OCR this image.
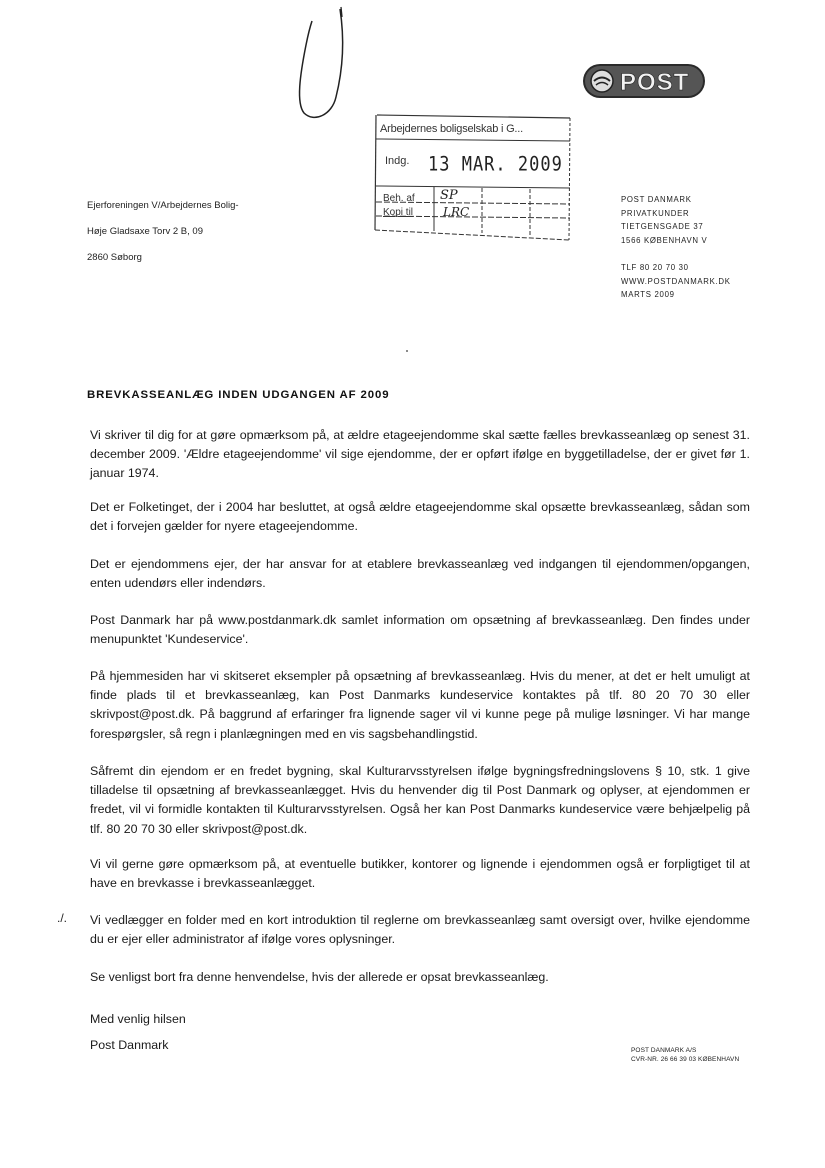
POST
Arbejdernes boligselskab i G...
Indg. 13 MAR. 2009
Beh. af
Kopi til
SP
LRC
Ejerforeningen V/Arbejdernes Bolig-
Høje Gladsaxe Torv 2 B, 09
2860 Søborg
POST DANMARK
PRIVATKUNDER
TIETGENSGADE 37
1566 KØBENHAVN V
TLF 80 20 70 30
WWW.POSTDANMARK.DK
MARTS 2009
BREVKASSEANLÆG INDEN UDGANGEN AF 2009
Vi skriver til dig for at gøre opmærksom på, at ældre etageejendomme skal sætte fælles brevkasseanlæg op senest 31. december 2009. 'Ældre etageejendomme' vil sige ejendomme, der er opført ifølge en byggetilladelse, der er givet før 1. januar 1974.
Det er Folketinget, der i 2004 har besluttet, at også ældre etageejendomme skal opsætte brevkasseanlæg, sådan som det i forvejen gælder for nyere etageejendomme.
Det er ejendommens ejer, der har ansvar for at etablere brevkasseanlæg ved indgangen til ejendommen/opgangen, enten udendørs eller indendørs.
Post Danmark har på www.postdanmark.dk samlet information om opsætning af brevkasseanlæg. Den findes under menupunktet 'Kundeservice'.
På hjemmesiden har vi skitseret eksempler på opsætning af brevkasseanlæg. Hvis du mener, at det er helt umuligt at finde plads til et brevkasseanlæg, kan Post Danmarks kundeservice kontaktes på tlf. 80 20 70 30 eller skrivpost@post.dk. På baggrund af erfaringer fra lignende sager vil vi kunne pege på mulige løsninger. Vi har mange forespørgsler, så regn i planlægningen med en vis sagsbehandlingstid.
Såfremt din ejendom er en fredet bygning, skal Kulturarvsstyrelsen ifølge bygningsfredningslovens § 10, stk. 1 give tilladelse til opsætning af brevkasseanlægget. Hvis du henvender dig til Post Danmark og oplyser, at ejendommen er fredet, vil vi formidle kontakten til Kulturarvsstyrelsen. Også her kan Post Danmarks kundeservice være behjælpelig på tlf. 80 20 70 30 eller skrivpost@post.dk.
Vi vil gerne gøre opmærksom på, at eventuelle butikker, kontorer og lignende i ejendommen også er forpligtiget til at have en brevkasse i brevkasseanlægget.
./. Vi vedlægger en folder med en kort introduktion til reglerne om brevkasseanlæg samt oversigt over, hvilke ejendomme du er ejer eller administrator af ifølge vores oplysninger.
Se venligst bort fra denne henvendelse, hvis der allerede er opsat brevkasseanlæg.
Med venlig hilsen
Post Danmark	POST DANMARK A/S
CVR-NR. 26 66 39 03 KØBENHAVN
